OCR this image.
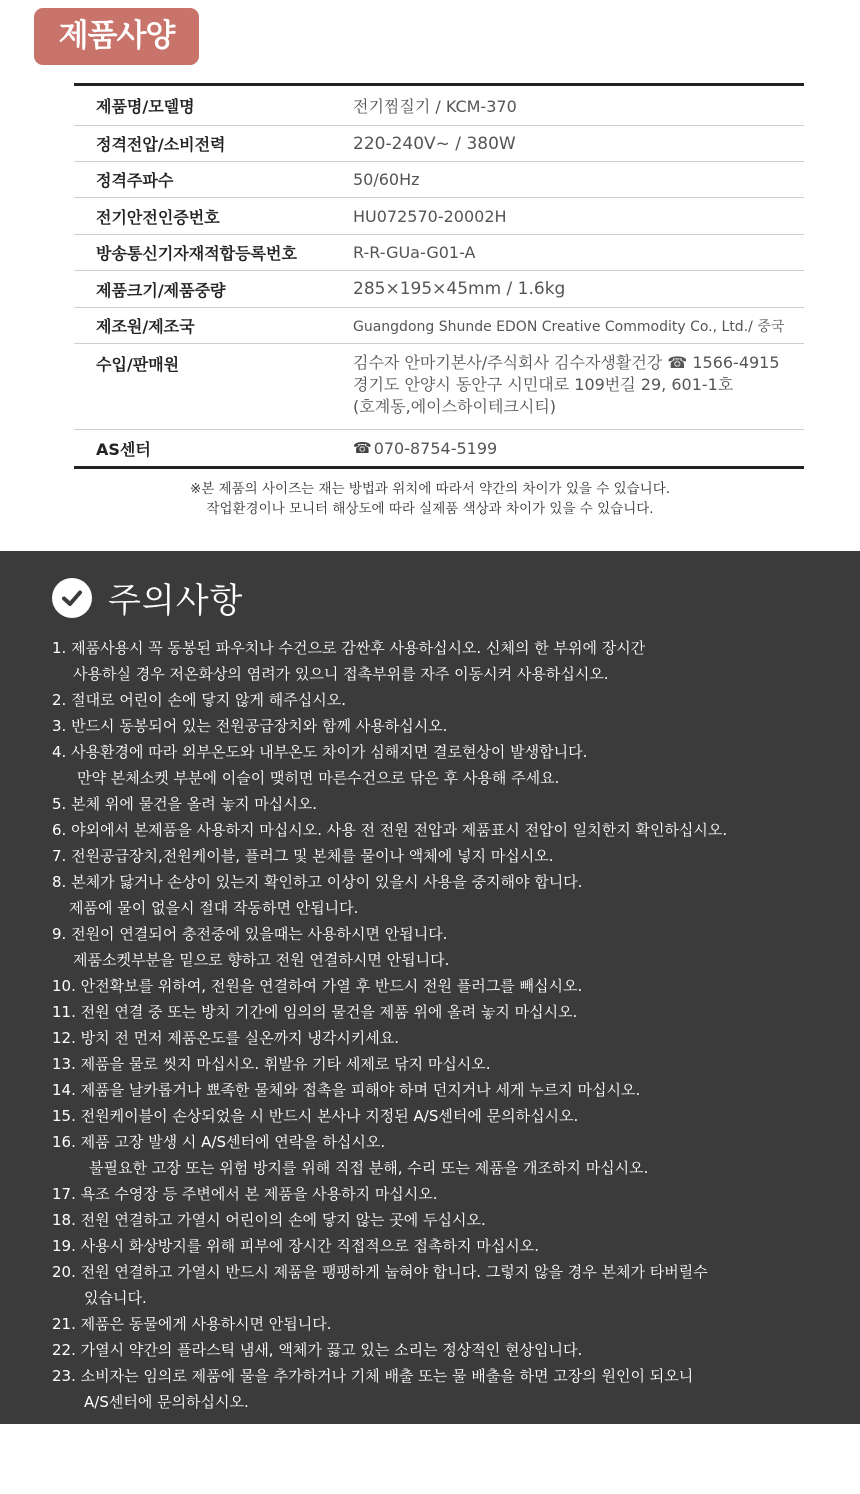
제품사양
제품명/모델명	전기찜질기 / KCM-370
정격전압/소비전력	220-240V~ / 380W
정격주파수	50/60Hz
전기안전인증번호	HU072570-20002H
방송통신기자재적합등록번호	R-R-GUa-G01-A
제품크기/제품중량	285×195×45mm / 1.6kg
제조원/제조국	Guangdong Shunde EDON Creative Commodity Co., Ltd./ 중국
수입/판매원	김수자 안마기본사/주식회사 김수자생활건강 ☎ 1566-4915
경기도 안양시 동안구 시민대로 109번길 29, 601-1호
(호계동,에이스하이테크시티)
AS센터	☎ 070-8754-5199
※본 제품의 사이즈는 재는 방법과 위치에 따라서 약간의 차이가 있을 수 있습니다.
작업환경이나 모니터 해상도에 따라 실제품 색상과 차이가 있을 수 있습니다.
주의사항
1. 제품사용시 꼭 동봉된 파우치나 수건으로 감싼후 사용하십시오. 신체의 한 부위에 장시간
사용하실 경우 저온화상의 염려가 있으니 접촉부위를 자주 이동시켜 사용하십시오.
2. 절대로 어린이 손에 닿지 않게 해주십시오.
3. 반드시 동봉되어 있는 전원공급장치와 함께 사용하십시오.
4. 사용환경에 따라 외부온도와 내부온도 차이가 심해지면 결로현상이 발생합니다.
만약 본체소켓 부분에 이슬이 맺히면 마른수건으로 닦은 후 사용해 주세요.
5. 본체 위에 물건을 올려 놓지 마십시오.
6. 야외에서 본제품을 사용하지 마십시오. 사용 전 전원 전압과 제품표시 전압이 일치한지 확인하십시오.
7. 전원공급장치,전원케이블, 플러그 및 본체를 물이나 액체에 넣지 마십시오.
8. 본체가 닳거나 손상이 있는지 확인하고 이상이 있을시 사용을 중지해야 합니다.
제품에 물이 없을시 절대 작동하면 안됩니다.
9. 전원이 연결되어 충전중에 있을때는 사용하시면 안됩니다.
제품소켓부분을 밑으로 향하고 전원 연결하시면 안됩니다.
10. 안전확보를 위하여, 전원을 연결하여 가열 후 반드시 전원 플러그를 빼십시오.
11. 전원 연결 중 또는 방치 기간에 임의의 물건을 제품 위에 올려 놓지 마십시오.
12. 방치 전 먼저 제품온도를 실온까지 냉각시키세요.
13. 제품을 물로 씻지 마십시오. 휘발유 기타 세제로 닦지 마십시오.
14. 제품을 날카롭거나 뾰족한 물체와 접촉을 피해야 하며 던지거나 세게 누르지 마십시오.
15. 전원케이블이 손상되었을 시 반드시 본사나 지정된 A/S센터에 문의하십시오.
16. 제품 고장 발생 시 A/S센터에 연락을 하십시오.
불필요한 고장 또는 위험 방지를 위해 직접 분해, 수리 또는 제품을 개조하지 마십시오.
17. 욕조 수영장 등 주변에서 본 제품을 사용하지 마십시오.
18. 전원 연결하고 가열시 어린이의 손에 닿지 않는 곳에 두십시오.
19. 사용시 화상방지를 위해 피부에 장시간 직접적으로 접촉하지 마십시오.
20. 전원 연결하고 가열시 반드시 제품을 팽팽하게 눕혀야 합니다. 그렇지 않을 경우 본체가 타버릴수
있습니다.
21. 제품은 동물에게 사용하시면 안됩니다.
22. 가열시 약간의 플라스틱 냄새, 액체가 끓고 있는 소리는 정상적인 현상입니다.
23. 소비자는 임의로 제품에 물을 추가하거나 기체 배출 또는 물 배출을 하면 고장의 원인이 되오니
A/S센터에 문의하십시오.
